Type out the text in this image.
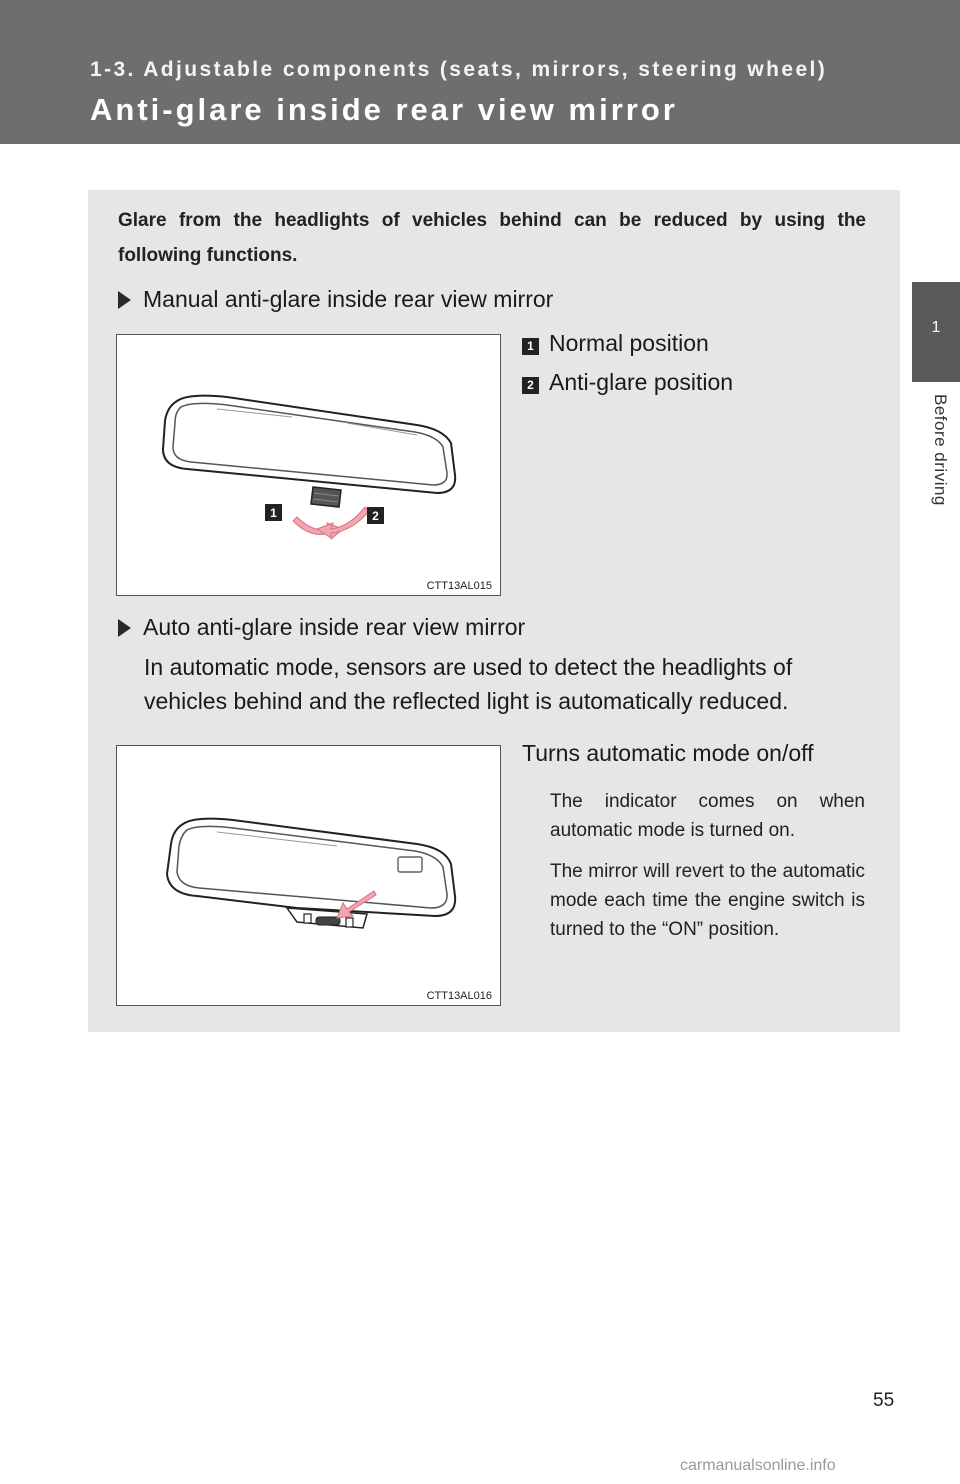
1-3. Adjustable components (seats, mirrors, steering wheel)
Anti-glare inside rear view mirror
1
Before driving
Glare from the headlights of vehicles behind can be reduced by using the following functions.
Manual anti-glare inside rear view mirror
1	2
CTT13AL015
1 Normal position
2 Anti-glare position
Auto anti-glare inside rear view mirror
In automatic mode, sensors are used to detect the headlights of vehicles behind and the reflected light is automatically reduced.
CTT13AL016
Turns automatic mode on/off
The indicator comes on when automatic mode is turned on.
The mirror will revert to the automatic mode each time the engine switch is turned to the “ON” position.
55
carmanualsonline.info
